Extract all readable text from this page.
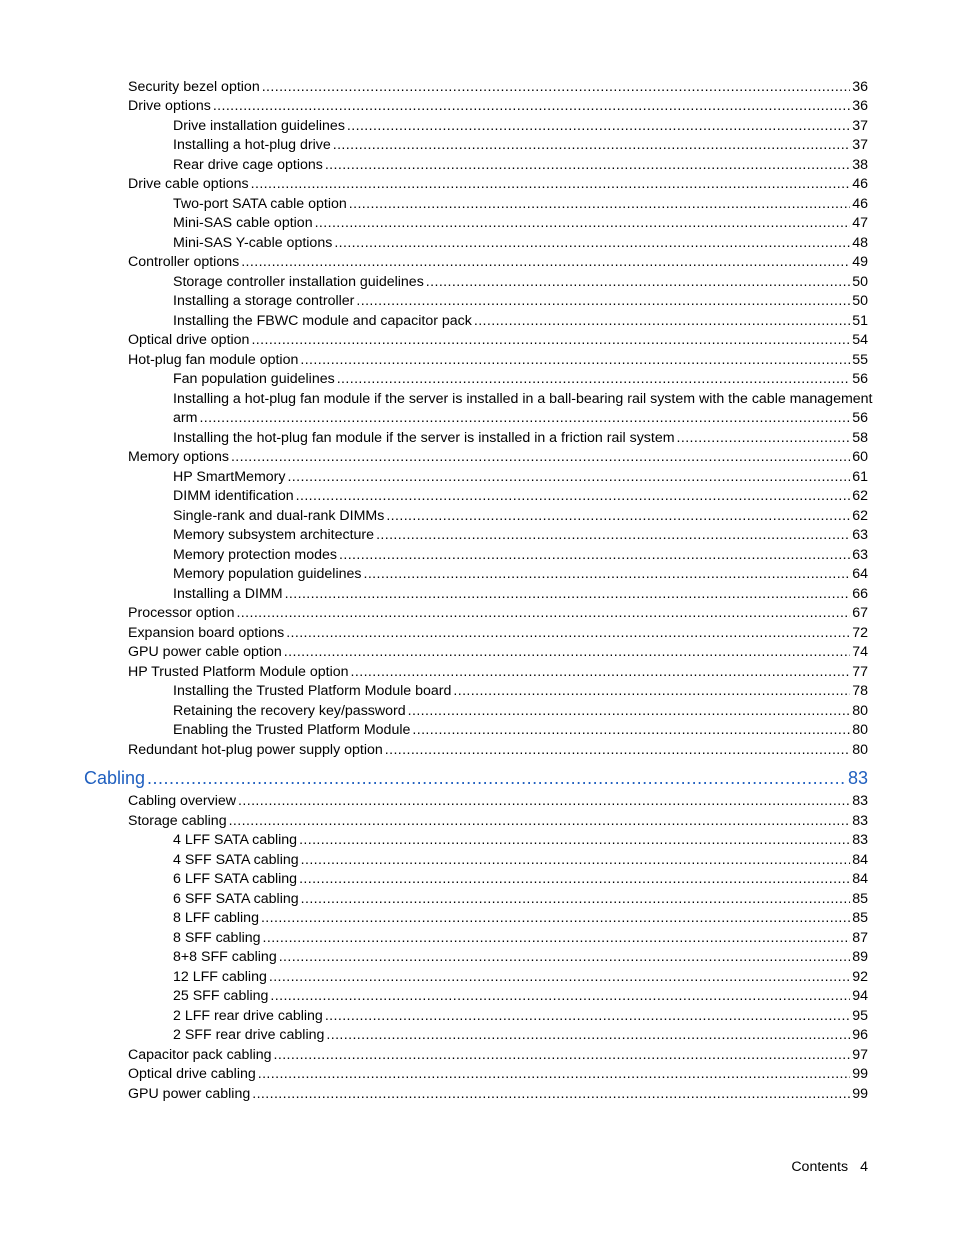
Security bezel option .....	36
Drive options .....	36
Drive installation guidelines .....	37
Installing a hot-plug drive .....	37
Rear drive cage options .....	38
Drive cable options .....	46
Two-port SATA cable option .....	46
Mini-SAS cable option .....	47
Mini-SAS Y-cable options .....	48
Controller options .....	49
Storage controller installation guidelines .....	50
Installing a storage controller .....	50
Installing the FBWC module and capacitor pack .....	51
Optical drive option .....	54
Hot-plug fan module option .....	55
Fan population guidelines .....	56
Installing a hot-plug fan module if the server is installed in a ball-bearing rail system with the cable management
arm .....	56
Installing the hot-plug fan module if the server is installed in a friction rail system .....	58
Memory options .....	60
HP SmartMemory .....	61
DIMM identification .....	62
Single-rank and dual-rank DIMMs .....	62
Memory subsystem architecture .....	63
Memory protection modes .....	63
Memory population guidelines .....	64
Installing a DIMM .....	66
Processor option .....	67
Expansion board options .....	72
GPU power cable option .....	74
HP Trusted Platform Module option .....	77
Installing the Trusted Platform Module board .....	78
Retaining the recovery key/password .....	80
Enabling the Trusted Platform Module .....	80
Redundant hot-plug power supply option .....	80
Cabling .....	83
Cabling overview .....	83
Storage cabling .....	83
4 LFF SATA cabling .....	83
4 SFF SATA cabling .....	84
6 LFF SATA cabling .....	84
6 SFF SATA cabling .....	85
8 LFF cabling .....	85
8 SFF cabling .....	87
8+8 SFF cabling .....	89
12 LFF cabling .....	92
25 SFF cabling .....	94
2 LFF rear drive cabling .....	95
2 SFF rear drive cabling .....	96
Capacitor pack cabling .....	97
Optical drive cabling .....	99
GPU power cabling .....	99
Contents 4
